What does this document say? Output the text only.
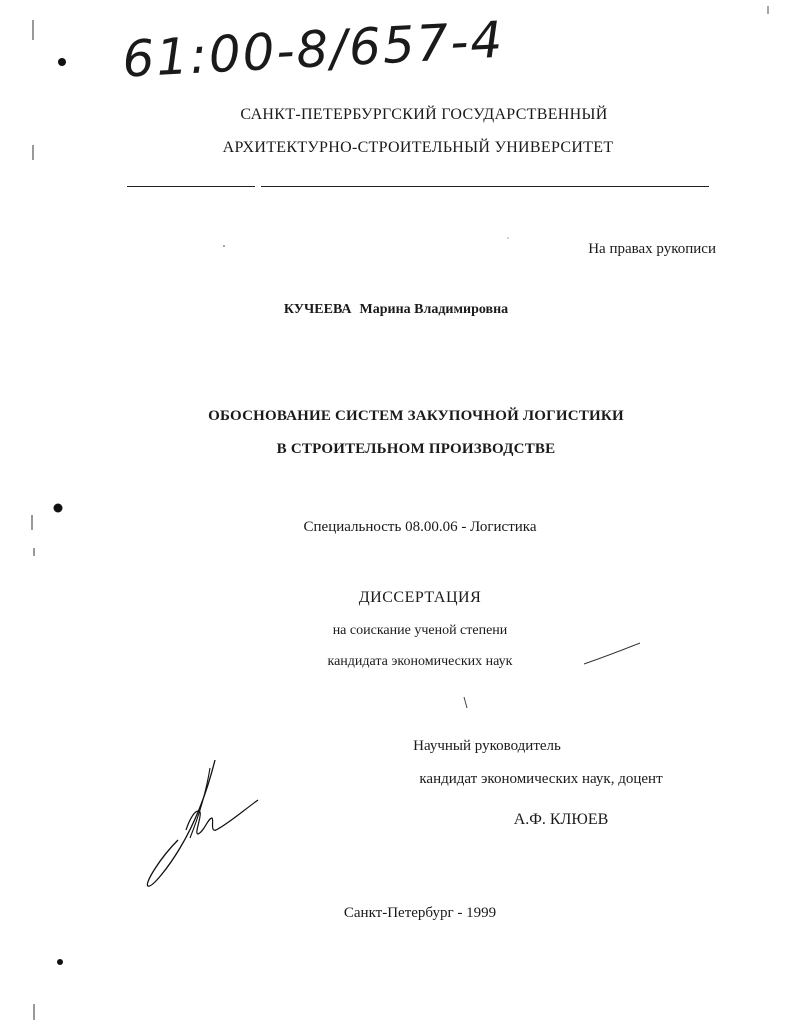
61:00-8/657-4
САНКТ-ПЕТЕРБУРГСКИЙ ГОСУДАРСТВЕННЫЙ
АРХИТЕКТУРНО-СТРОИТЕЛЬНЫЙ УНИВЕРСИТЕТ
На правах рукописи
КУЧЕЕВА Марина Владимировна
ОБОСНОВАНИЕ СИСТЕМ ЗАКУПОЧНОЙ ЛОГИСТИКИ
В СТРОИТЕЛЬНОМ ПРОИЗВОДСТВЕ
Специальность 08.00.06 - Логистика
ДИССЕРТАЦИЯ
на соискание ученой степени
кандидата экономических наук
Научный руководитель
кандидат экономических наук, доцент
А.Ф. КЛЮЕВ
Санкт-Петербург - 1999
